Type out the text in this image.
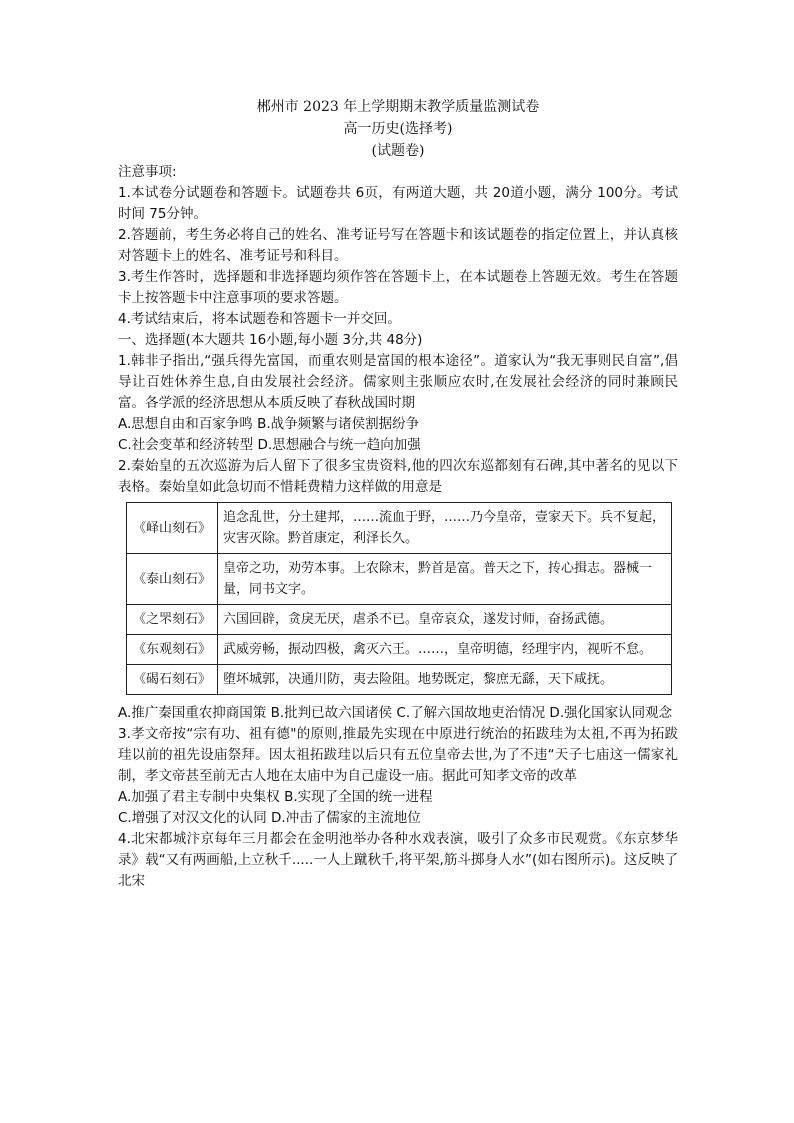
郴州市 2023 年上学期期末教学质量监测试卷
高一历史(选择考)
(试题卷)

注意事项:

1.本试卷分试题卷和答题卡。试题卷共 6页，有两道大题，共 20道小题，满分 100分。考试时间 75分钟。

2.答题前，考生务必将自己的姓名、准考证号写在答题卡和该试题卷的指定位置上，并认真核对答题卡上的姓名、准考证号和科目。

3.考生作答时，选择题和非选择题均须作答在答题卡上，在本试题卷上答题无效。考生在答题卡上按答题卡中注意事项的要求答题。

4.考试结束后，将本试题卷和答题卡一并交回。

一、选择题(本大题共 16小题,每小题 3分,共 48分)

1.韩非子指出,“强兵得先富国，而重农则是富国的根本途径”。道家认为“我无事则民自富”,倡导让百姓休养生息,自由发展社会经济。儒家则主张顺应农时,在发展社会经济的同时兼顾民富。各学派的经济思想从本质反映了春秋战国时期

A.思想自由和百家争鸣 B.战争频繁与诸侯割据纷争

C.社会变革和经济转型 D.思想融合与统一趋向加强

2.秦始皇的五次巡游为后人留下了很多宝贵资料,他的四次东巡都刻有石碑,其中著名的见以下表格。秦始皇如此急切而不惜耗费精力这样做的用意是

《峄山刻石》	追念乱世，分土建邦，……流血于野，……乃今皇帝，壹家天下。兵不复起，灾害灭除。黔首康定，利泽长久。
《泰山刻石》	皇帝之功，劝劳本事。上农除末，黔首是富。普天之下，抟心揖志。器械一量，同书文字。
《之罘刻石》	六国回辟，贪戾无厌，虐杀不已。皇帝哀众，遂发讨师，奋扬武德。
《东观刻石》	武威旁畅，振动四极，禽灭六王。……，皇帝明德，经理宇内，视听不怠。
《碣石刻石》	堕坏城郭，决通川防，夷去险阻。地势既定，黎庶无繇，天下咸抚。

A.推广秦国重农抑商国策 B.批判已故六国诸侯 C.了解六国故地吏治情况 D.强化国家认同观念

3.孝文帝按“宗有功、祖有德"的原则,推最先实现在中原进行统治的拓跋珪为太祖,不再为拓跋珪以前的祖先设庙祭拜。因太祖拓跋珪以后只有五位皇帝去世,为了不违“天子七庙这一儒家礼制，孝文帝甚至前无古人地在太庙中为自己虚设一庙。据此可知孝文帝的改革

A.加强了君主专制中央集权 B.实现了全国的统一进程

C.增强了对汉文化的认同 D.冲击了儒家的主流地位

4.北宋都城汴京每年三月都会在金明池举办各种水戏表演，吸引了众多市民观赏。《东京梦华录》载“又有两画船,上立秋千.....一人上蹴秋千,将平架,筋斗掷身人水”(如右图所示)。这反映了北宋
